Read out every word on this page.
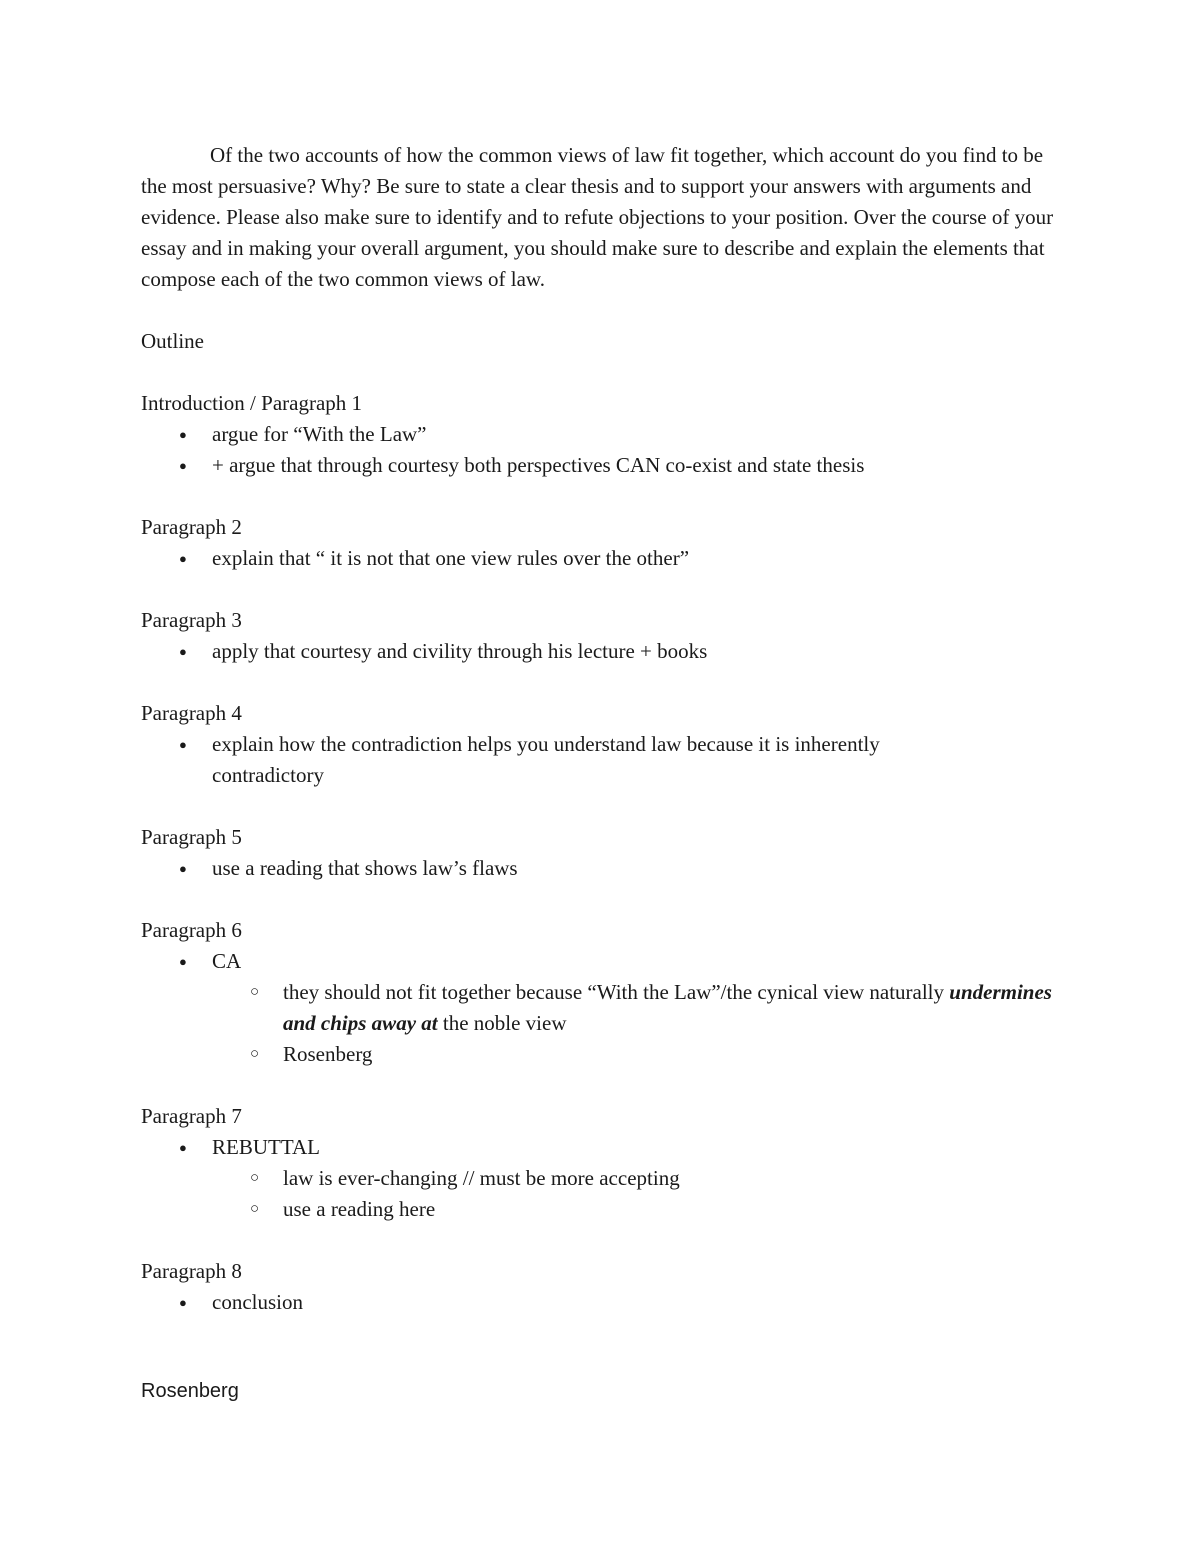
Of the two accounts of how the common views of law fit together, which account do you find to be the most persuasive? Why? Be sure to state a clear thesis and to support your answers with arguments and evidence. Please also make sure to identify and to refute objections to your position. Over the course of your essay and in making your overall argument, you should make sure to describe and explain the elements that compose each of the two common views of law.

Outline

Introduction / Paragraph 1

● argue for “With the Law”
● + argue that through courtesy both perspectives CAN co-exist and state thesis

Paragraph 2

● explain that “ it is not that one view rules over the other”

Paragraph 3

● apply that courtesy and civility through his lecture + books

Paragraph 4

● explain how the contradiction helps you understand law because it is inherently contradictory

Paragraph 5

● use a reading that shows law’s flaws

Paragraph 6

● CA
○ they should not fit together because “With the Law”/the cynical view naturally undermines and chips away at the noble view
○ Rosenberg

Paragraph 7

● REBUTTAL
○ law is ever-changing // must be more accepting
○ use a reading here

Paragraph 8

● conclusion

Rosenberg
